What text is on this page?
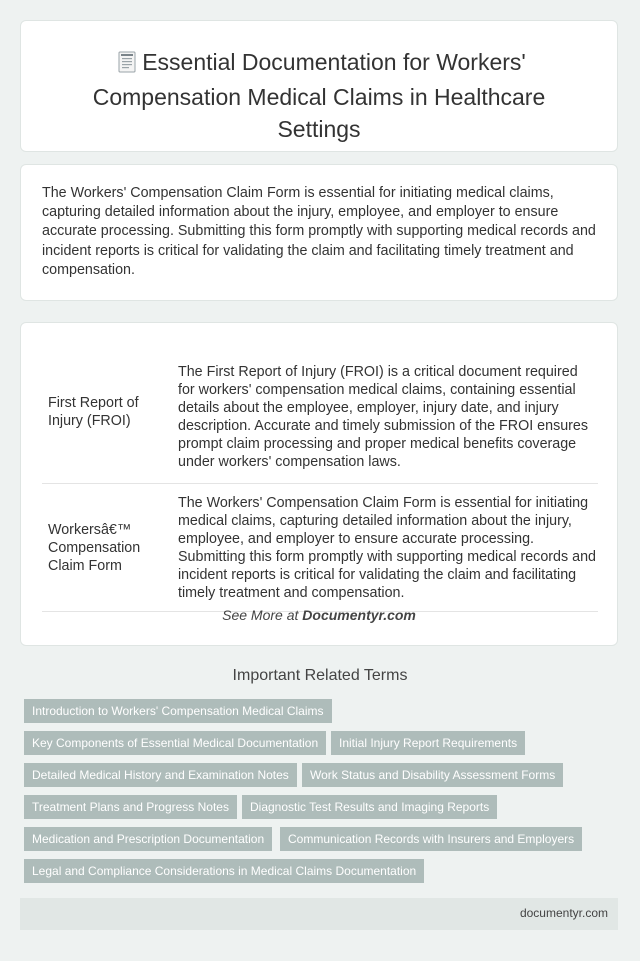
Essential Documentation for Workers' Compensation Medical Claims in Healthcare Settings

The Workers' Compensation Claim Form is essential for initiating medical claims, capturing detailed information about the injury, employee, and employer to ensure accurate processing. Submitting this form promptly with supporting medical records and incident reports is critical for validating the claim and facilitating timely treatment and compensation.

First Report of Injury (FROI)	The First Report of Injury (FROI) is a critical document required for workers' compensation medical claims, containing essential details about the employee, employer, injury date, and injury description. Accurate and timely submission of the FROI ensures prompt claim processing and proper medical benefits coverage under workers' compensation laws.
Workersâ€™ Compensation Claim Form	The Workers' Compensation Claim Form is essential for initiating medical claims, capturing detailed information about the injury, employee, and employer to ensure accurate processing. Submitting this form promptly with supporting medical records and incident reports is critical for validating the claim and facilitating timely treatment and compensation.
See More at Documentyr.com
Important Related Terms
Introduction to Workers' Compensation Medical Claims
Key Components of Essential Medical Documentation	Initial Injury Report Requirements
Detailed Medical History and Examination Notes	Work Status and Disability Assessment Forms
Treatment Plans and Progress Notes	Diagnostic Test Results and Imaging Reports
Medication and Prescription Documentation	Communication Records with Insurers and Employers
Legal and Compliance Considerations in Medical Claims Documentation
documentyr.com
